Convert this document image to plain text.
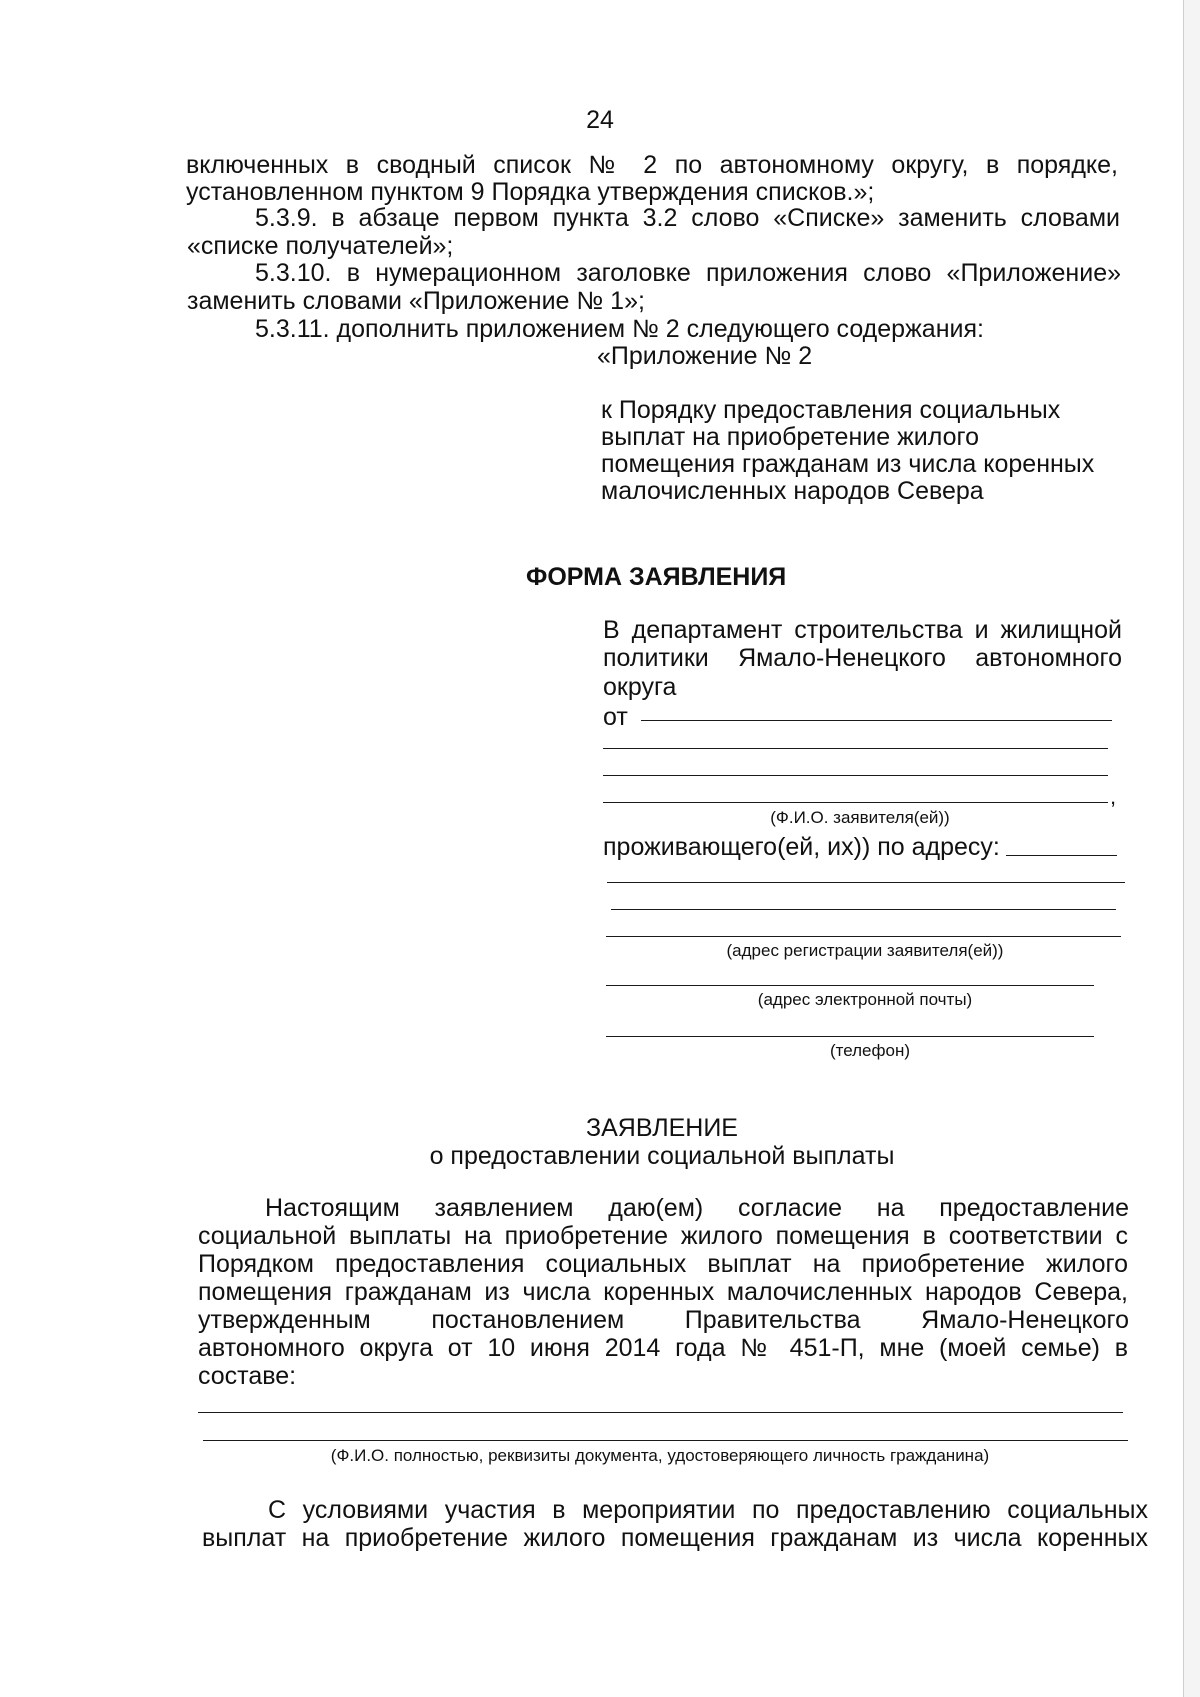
24
включенных в сводный список № 2 по автономному округу, в порядке,
установленном пунктом 9 Порядка утверждения списков.»;
5.3.9. в абзаце первом пункта 3.2 слово «Списке» заменить словами
«списке получателей»;
5.3.10. в нумерационном заголовке приложения слово «Приложение»
заменить словами «Приложение № 1»;
5.3.11. дополнить приложением № 2 следующего содержания:
«Приложение № 2
к Порядку предоставления социальных
выплат на приобретение жилого
помещения гражданам из числа коренных
малочисленных народов Севера
ФОРМА ЗАЯВЛЕНИЯ
В департамент строительства и жилищной
политики Ямало-Ненецкого автономного
округа
от
,
(Ф.И.О. заявителя(ей))
проживающего(ей, их)) по адресу:
(адрес регистрации заявителя(ей))
(адрес электронной почты)
(телефон)
ЗАЯВЛЕНИЕ
о предоставлении социальной выплаты
Настоящим заявлением даю(ем) согласие на предоставление
социальной выплаты на приобретение жилого помещения в соответствии с
Порядком предоставления социальных выплат на приобретение жилого
помещения гражданам из числа коренных малочисленных народов Севера,
утвержденным постановлением Правительства Ямало-Ненецкого
автономного округа от 10 июня 2014 года № 451-П, мне (моей семье) в
составе:
(Ф.И.О. полностью, реквизиты документа, удостоверяющего личность гражданина)
С условиями участия в мероприятии по предоставлению социальных
выплат на приобретение жилого помещения гражданам из числа коренных
